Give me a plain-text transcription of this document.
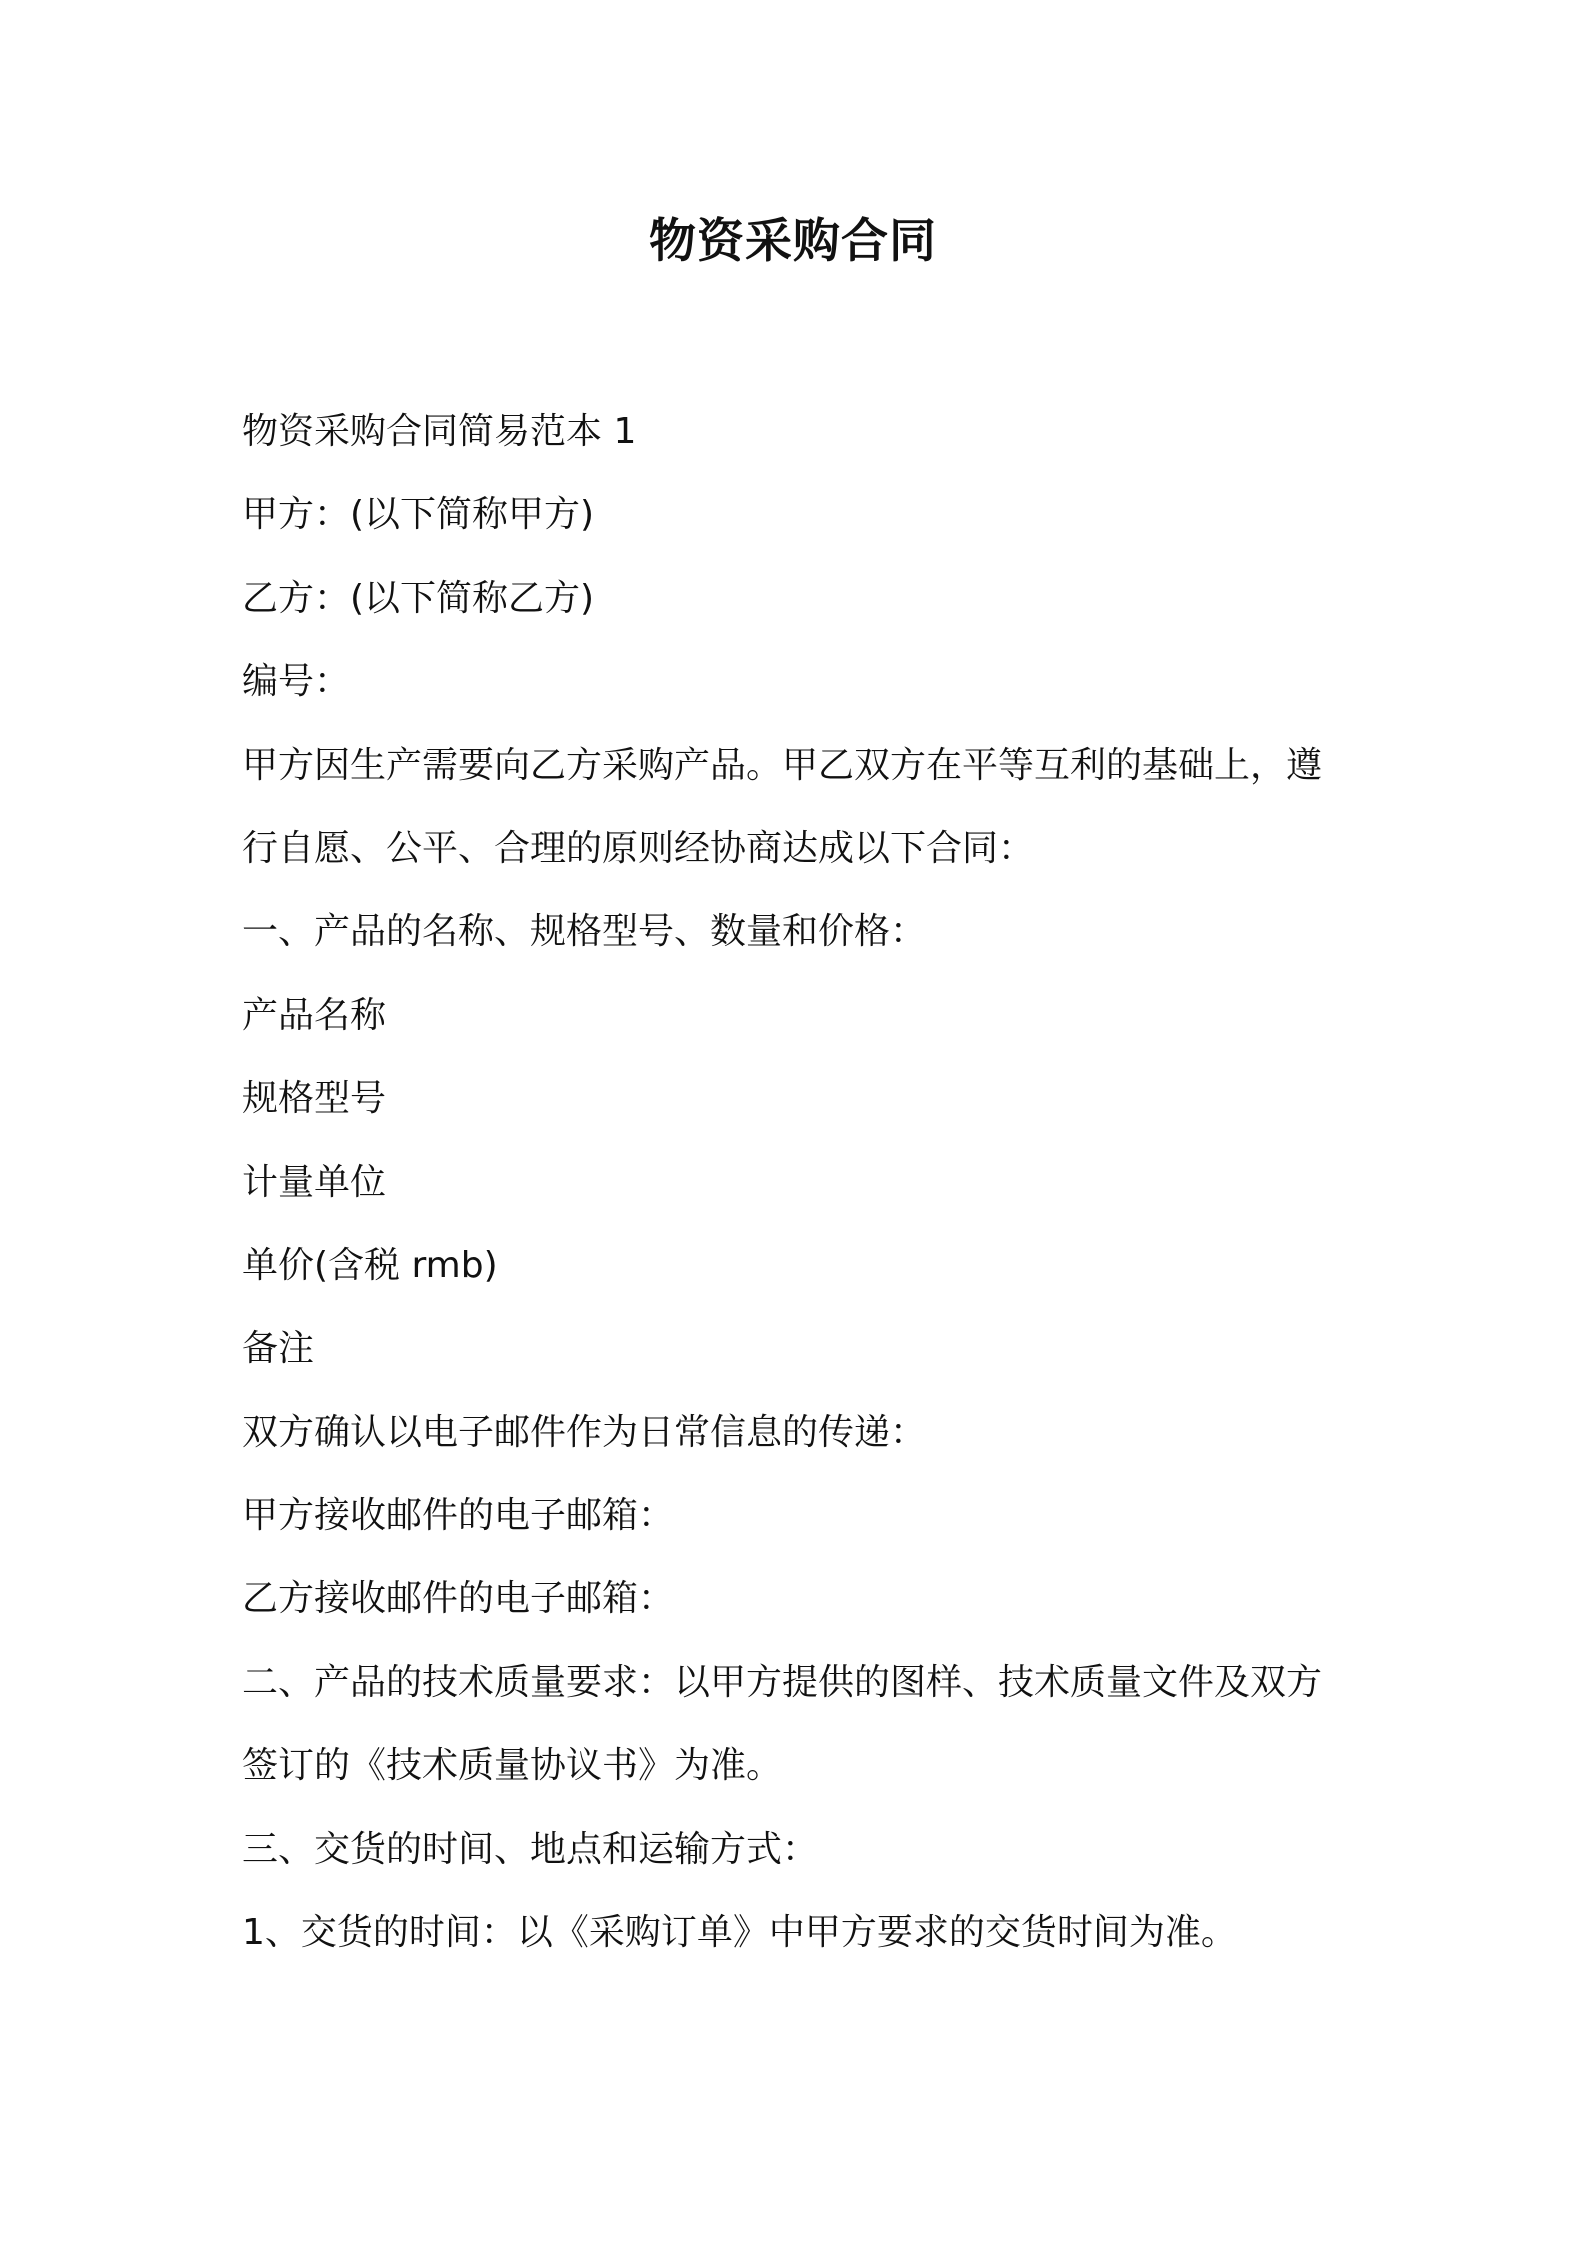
物资采购合同

物资采购合同简易范本 1

甲方：(以下简称甲方)

乙方：(以下简称乙方)

编号：

甲方因生产需要向乙方采购产品。甲乙双方在平等互利的基础上，遵

行自愿、公平、合理的原则经协商达成以下合同：

一、产品的名称、规格型号、数量和价格：

产品名称

规格型号

计量单位

单价(含税 rmb)

备注

双方确认以电子邮件作为日常信息的传递：

甲方接收邮件的电子邮箱：

乙方接收邮件的电子邮箱：

二、产品的技术质量要求：以甲方提供的图样、技术质量文件及双方

签订的《技术质量协议书》为准。

三、交货的时间、地点和运输方式：

1、交货的时间：以《采购订单》中甲方要求的交货时间为准。
